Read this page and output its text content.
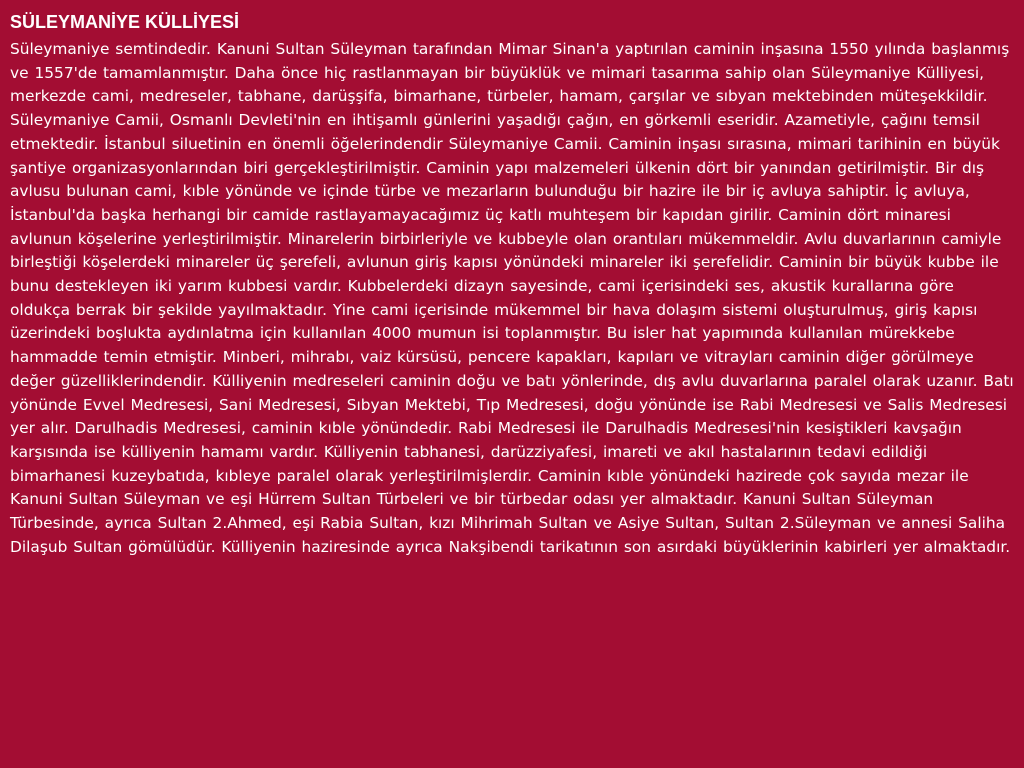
SÜLEYMANİYE KÜLLİYESİ

Süleymaniye semtindedir. Kanuni Sultan Süleyman tarafından Mimar Sinan'a yaptırılan caminin inşasına 1550 yılında başlanmış ve 1557'de tamamlanmıştır. Daha önce hiç rastlanmayan bir büyüklük ve mimari tasarıma sahip olan Süleymaniye Külliyesi, merkezde cami, medreseler, tabhane, darüşşifa, bimarhane, türbeler, hamam, çarşılar ve sıbyan mektebinden müteşekkildir. Süleymaniye Camii, Osmanlı Devleti'nin en ihtişamlı günlerini yaşadığı çağın, en görkemli eseridir. Azametiyle, çağını temsil etmektedir. İstanbul siluetinin en önemli öğelerindendir Süleymaniye Camii. Caminin inşası sırasına, mimari tarihinin en büyük şantiye organizasyonlarından biri gerçekleştirilmiştir. Caminin yapı malzemeleri ülkenin dört bir yanından getirilmiştir. Bir dış avlusu bulunan cami, kıble yönünde ve içinde türbe ve mezarların bulunduğu bir hazire ile bir iç avluya sahiptir. İç avluya, İstanbul'da başka herhangi bir camide rastlayamayacağımız üç katlı muhteşem bir kapıdan girilir. Caminin dört minaresi avlunun köşelerine yerleştirilmiştir. Minarelerin birbirleriyle ve kubbeyle olan orantıları mükemmeldir. Avlu duvarlarının camiyle birleştiği köşelerdeki minareler üç şerefeli, avlunun giriş kapısı yönündeki minareler iki şerefelidir. Caminin bir büyük kubbe ile bunu destekleyen iki yarım kubbesi vardır. Kubbelerdeki dizayn sayesinde, cami içerisindeki ses, akustik kurallarına göre oldukça berrak bir şekilde yayılmaktadır. Yine cami içerisinde mükemmel bir hava dolaşım sistemi oluşturulmuş, giriş kapısı üzerindeki boşlukta aydınlatma için kullanılan 4000 mumun isi toplanmıştır. Bu isler hat yapımında kullanılan mürekkebe hammadde temin etmiştir. Minberi, mihrabı, vaiz kürsüsü, pencere kapakları, kapıları ve vitrayları caminin diğer görülmeye değer güzelliklerindendir. Külliyenin medreseleri caminin doğu ve batı yönlerinde, dış avlu duvarlarına paralel olarak uzanır. Batı yönünde Evvel Medresesi, Sani Medresesi, Sıbyan Mektebi, Tıp Medresesi, doğu yönünde ise Rabi Medresesi ve Salis Medresesi yer alır. Darulhadis Medresesi, caminin kıble yönündedir. Rabi Medresesi ile Darulhadis Medresesi'nin kesiştikleri kavşağın karşısında ise külliyenin hamamı vardır. Külliyenin tabhanesi, darüzziyafesi, imareti ve akıl hastalarının tedavi edildiği bimarhanesi kuzeybatıda, kıbleye paralel olarak yerleştirilmişlerdir. Caminin kıble yönündeki hazirede çok sayıda mezar ile Kanuni Sultan Süleyman ve eşi Hürrem Sultan Türbeleri ve bir türbedar odası yer almaktadır. Kanuni Sultan Süleyman Türbesinde, ayrıca Sultan 2.Ahmed, eşi Rabia Sultan, kızı Mihrimah Sultan ve Asiye Sultan, Sultan 2.Süleyman ve annesi Saliha Dilaşub Sultan gömülüdür. Külliyenin haziresinde ayrıca Nakşibendi tarikatının son asırdaki büyüklerinin kabirleri yer almaktadır.
